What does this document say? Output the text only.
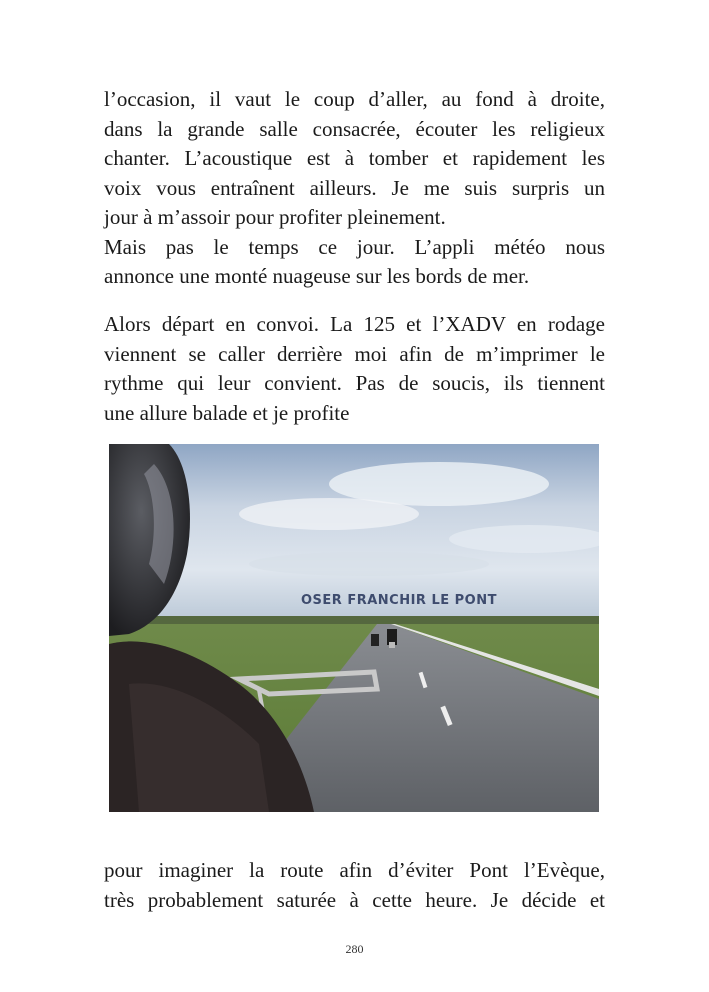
l’occasion, il vaut le coup d’aller, au fond à droite,
dans la grande salle consacrée, écouter les religieux
chanter. L’acoustique est à tomber et rapidement les
voix vous entraînent ailleurs. Je me suis surpris un
jour à m’assoir pour profiter pleinement.
Mais pas le temps ce jour. L’appli météo nous
annonce une monté nuageuse sur les bords de mer.
Alors départ en convoi. La 125 et l’XADV en rodage
viennent se caller derrière moi afin de m’imprimer le
rythme qui leur convient. Pas de soucis, ils tiennent
une allure balade et je profite
OSER FRANCHIR LE PONT
pour imaginer la route afin d’éviter Pont l’Evèque,
très probablement saturée à cette heure. Je décide et
280
